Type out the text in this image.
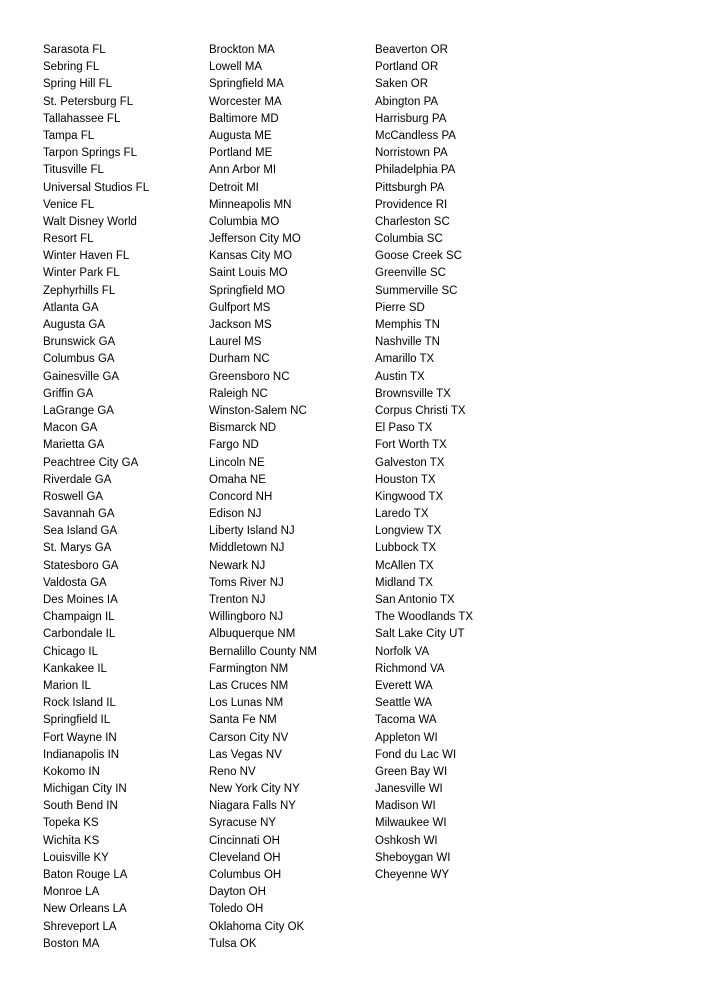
Sarasota FL
Sebring FL
Spring Hill FL
St. Petersburg FL
Tallahassee FL
Tampa FL
Tarpon Springs FL
Titusville FL
Universal Studios FL
Venice FL
Walt Disney World
Resort FL
Winter Haven FL
Winter Park FL
Zephyrhills FL
Atlanta GA
Augusta GA
Brunswick GA
Columbus GA
Gainesville GA
Griffin GA
LaGrange GA
Macon GA
Marietta GA
Peachtree City GA
Riverdale GA
Roswell GA
Savannah GA
Sea Island GA
St. Marys GA
Statesboro GA
Valdosta GA
Des Moines IA
Champaign IL
Carbondale IL
Chicago IL
Kankakee IL
Marion IL
Rock Island IL
Springfield IL
Fort Wayne IN
Indianapolis IN
Kokomo IN
Michigan City IN
South Bend IN
Topeka KS
Wichita KS
Louisville KY
Baton Rouge LA
Monroe LA
New Orleans LA
Shreveport LA
Boston MA
Brockton MA
Lowell MA
Springfield MA
Worcester MA
Baltimore MD
Augusta ME
Portland ME
Ann Arbor MI
Detroit MI
Minneapolis MN
Columbia MO
Jefferson City MO
Kansas City MO
Saint Louis MO
Springfield MO
Gulfport MS
Jackson MS
Laurel MS
Durham NC
Greensboro NC
Raleigh NC
Winston-Salem NC
Bismarck ND
Fargo ND
Lincoln NE
Omaha NE
Concord NH
Edison NJ
Liberty Island NJ
Middletown NJ
Newark NJ
Toms River NJ
Trenton NJ
Willingboro NJ
Albuquerque NM
Bernalillo County NM
Farmington NM
Las Cruces NM
Los Lunas NM
Santa Fe NM
Carson City NV
Las Vegas NV
Reno NV
New York City NY
Niagara Falls NY
Syracuse NY
Cincinnati OH
Cleveland OH
Columbus OH
Dayton OH
Toledo OH
Oklahoma City OK
Tulsa OK
Beaverton OR
Portland OR
Saken OR
Abington PA
Harrisburg PA
McCandless PA
Norristown PA
Philadelphia PA
Pittsburgh PA
Providence RI
Charleston SC
Columbia SC
Goose Creek SC
Greenville SC
Summerville SC
Pierre SD
Memphis TN
Nashville TN
Amarillo TX
Austin TX
Brownsville TX
Corpus Christi TX
El Paso TX
Fort Worth TX
Galveston TX
Houston TX
Kingwood TX
Laredo TX
Longview TX
Lubbock TX
McAllen TX
Midland TX
San Antonio TX
The Woodlands TX
Salt Lake City UT
Norfolk VA
Richmond VA
Everett WA
Seattle WA
Tacoma WA
Appleton WI
Fond du Lac WI
Green Bay WI
Janesville WI
Madison WI
Milwaukee WI
Oshkosh WI
Sheboygan WI
Cheyenne WY
